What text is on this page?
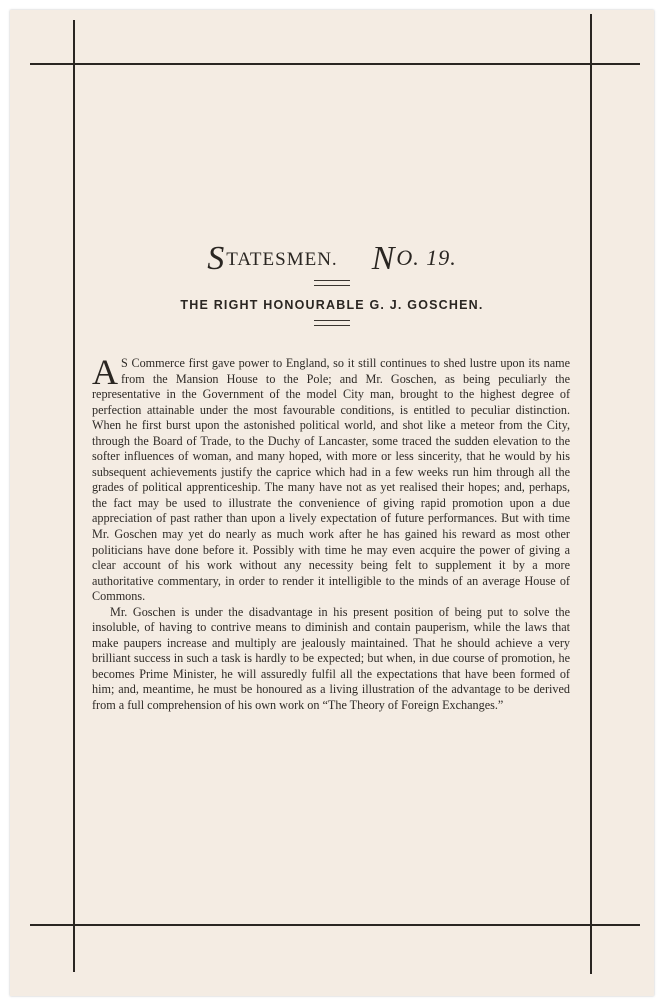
STATESMEN. NO. 19.
THE RIGHT HONOURABLE G. J. GOSCHEN.

A S Commerce first gave power to England, so it still continues to shed lustre upon its name from the Mansion House to the Pole; and Mr. Goschen, as being peculiarly the representative in the Government of the model City man, brought to the highest degree of perfection attainable under the most favourable conditions, is entitled to peculiar distinction. When he first burst upon the astonished political world, and shot like a meteor from the City, through the Board of Trade, to the Duchy of Lancaster, some traced the sudden elevation to the softer influences of woman, and many hoped, with more or less sincerity, that he would by his subsequent achievements justify the caprice which had in a few weeks run him through all the grades of political apprenticeship. The many have not as yet realised their hopes; and, perhaps, the fact may be used to illustrate the convenience of giving rapid promotion upon a due appreciation of past rather than upon a lively expectation of future performances. But with time Mr. Goschen may yet do nearly as much work after he has gained his reward as most other politicians have done before it. Possibly with time he may even acquire the power of giving a clear account of his work without any necessity being felt to supplement it by a more authoritative commentary, in order to render it intelligible to the minds of an average House of Commons.

Mr. Goschen is under the disadvantage in his present position of being put to solve the insoluble, of having to contrive means to diminish and contain pauperism, while the laws that make paupers increase and multiply are jealously maintained. That he should achieve a very brilliant success in such a task is hardly to be expected; but when, in due course of promotion, he becomes Prime Minister, he will assuredly fulfil all the expectations that have been formed of him; and, meantime, he must be honoured as a living illustration of the advantage to be derived from a full comprehension of his own work on “The Theory of Foreign Exchanges.”
